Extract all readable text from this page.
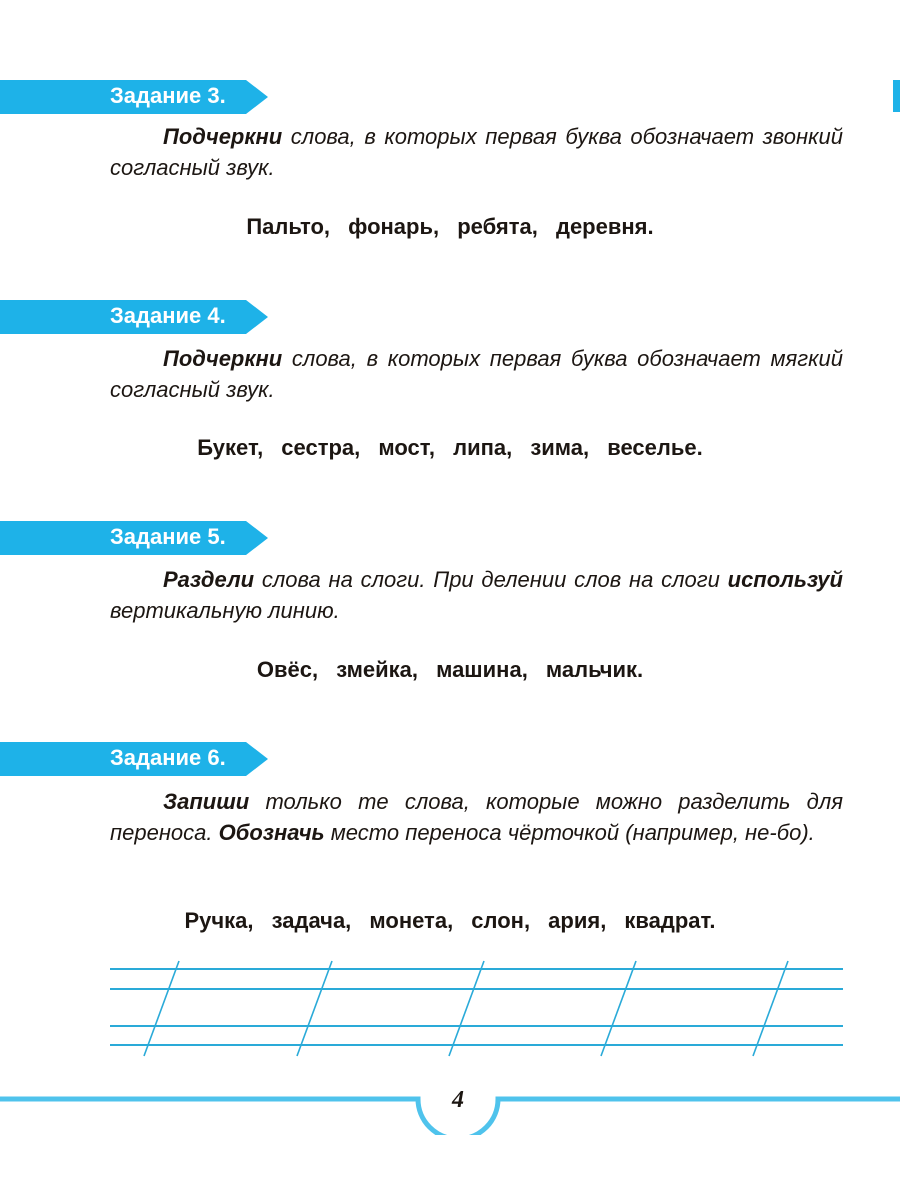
Задание 3.
Подчеркни слова, в которых первая буква обозначает звонкий согласный звук.
Пальто, фонарь, ребята, деревня.
Задание 4.
Подчеркни слова, в которых первая буква обозначает мягкий согласный звук.
Букет, сестра, мост, липа, зима, веселье.
Задание 5.
Раздели слова на слоги. При делении слов на слоги используй вертикальную линию.
Овёс, змейка, машина, мальчик.
Задание 6.
Запиши только те слова, которые можно разделить для переноса. Обозначь место переноса чёрточкой (например, не-бо).
Ручка, задача, монета, слон, ария, квадрат.
4
